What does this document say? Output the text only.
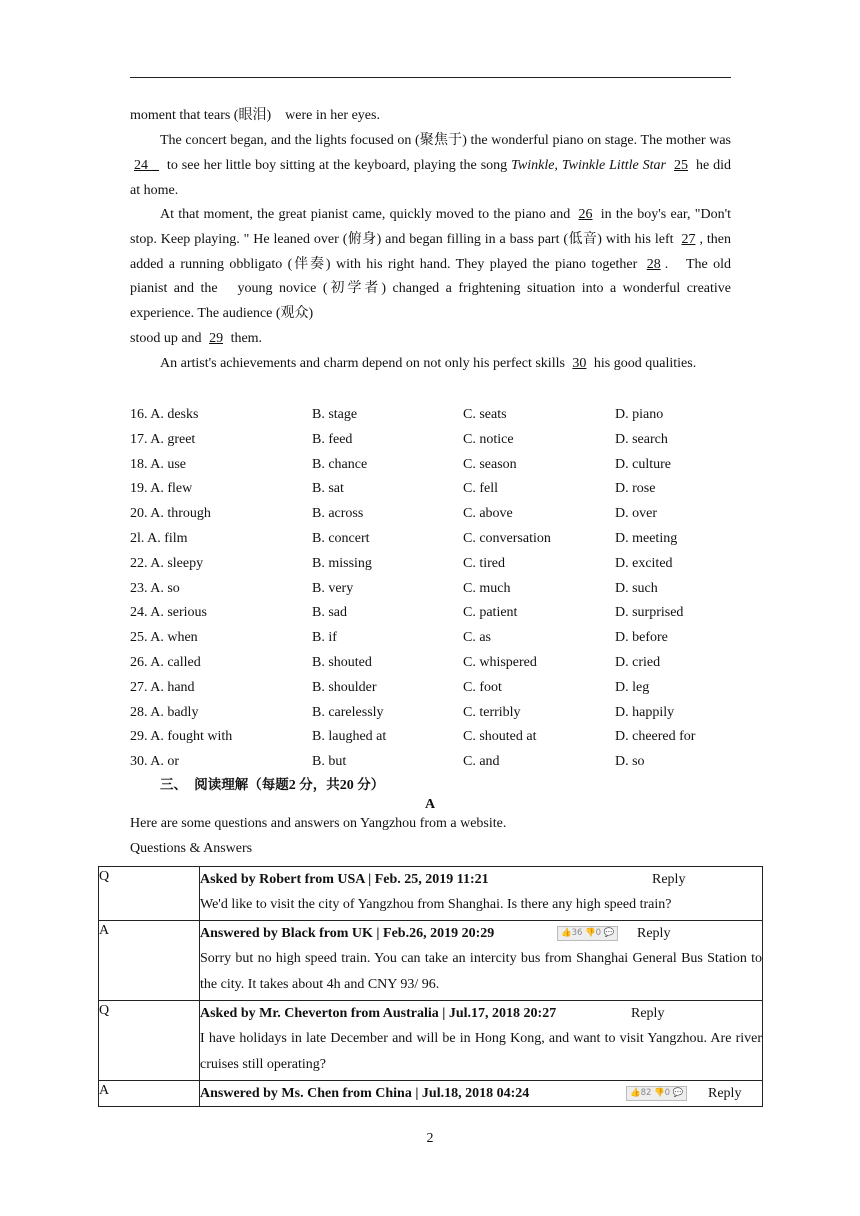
moment that tears (眼泪)　were in her eyes.

The concert began, and the lights focused on (聚焦于) the wonderful piano on stage. The mother was 24 _ to see her little boy sitting at the keyboard, playing the song Twinkle, Twinkle Little Star 25 he did at home.

At that moment, the great pianist came, quickly moved to the piano and 26 in the boy's ear, "Don't stop. Keep playing. " He leaned over (俯身) and began filling in a bass part (低音) with his left 27 , then added a running obbligato (伴奏) with his right hand. They played the piano together 28 .　The old pianist and the　young novice (初学者) changed a frightening situation into a wonderful creative experience. The audience (观众)

stood up and 29 them.

An artist's achievements and charm depend on not only his perfect skills 30 his good qualities.

16. A. desks	B. stage	C. seats	D. piano
17. A. greet	B. feed	C. notice	D. search
18. A. use	B. chance	C. season	D. culture
19. A. flew	B. sat	C. fell	D. rose
20. A. through	B. across	C. above	D. over
2l. A. film	B. concert	C. conversation	D. meeting
22. A. sleepy	B. missing	C. tired	D. excited
23. A. so	B. very	C. much	D. such
24. A. serious	B. sad	C. patient	D. surprised
25. A. when	B. if	C. as	D. before
26. A. called	B. shouted	C. whispered	D. cried
27. A. hand	B. shoulder	C. foot	D. leg
28. A. badly	B. carelessly	C. terribly	D. happily
29. A. fought with	B. laughed at	C. shouted at	D. cheered for
30. A. or	B. but	C. and	D. so
三、　 阅读理解（每题2 分，共20 分）
A
Here are some questions and answers on Yangzhou from a website.
Questions & Answers
Q	Asked by Robert from USA | Feb. 25, 2019 11:21 Reply
We'd like to visit the city of Yangzhou from Shanghai. Is there any high speed train?

A	Answered by Black from UK | Feb.26, 2019 20:29 👍36 👎0 💬 Reply
Sorry but no high speed train. You can take an intercity bus from Shanghai General Bus Station to the city. It takes about 4h and CNY 93/ 96.

Q	Asked by Mr. Cheverton from Australia | Jul.17, 2018 20:27 Reply
I have holidays in late December and will be in Hong Kong, and want to visit Yangzhou. Are river cruises still operating?

A	Answered by Ms. Chen from China | Jul.18, 2018 04:24 👍82 👎0 💬 Reply
2
